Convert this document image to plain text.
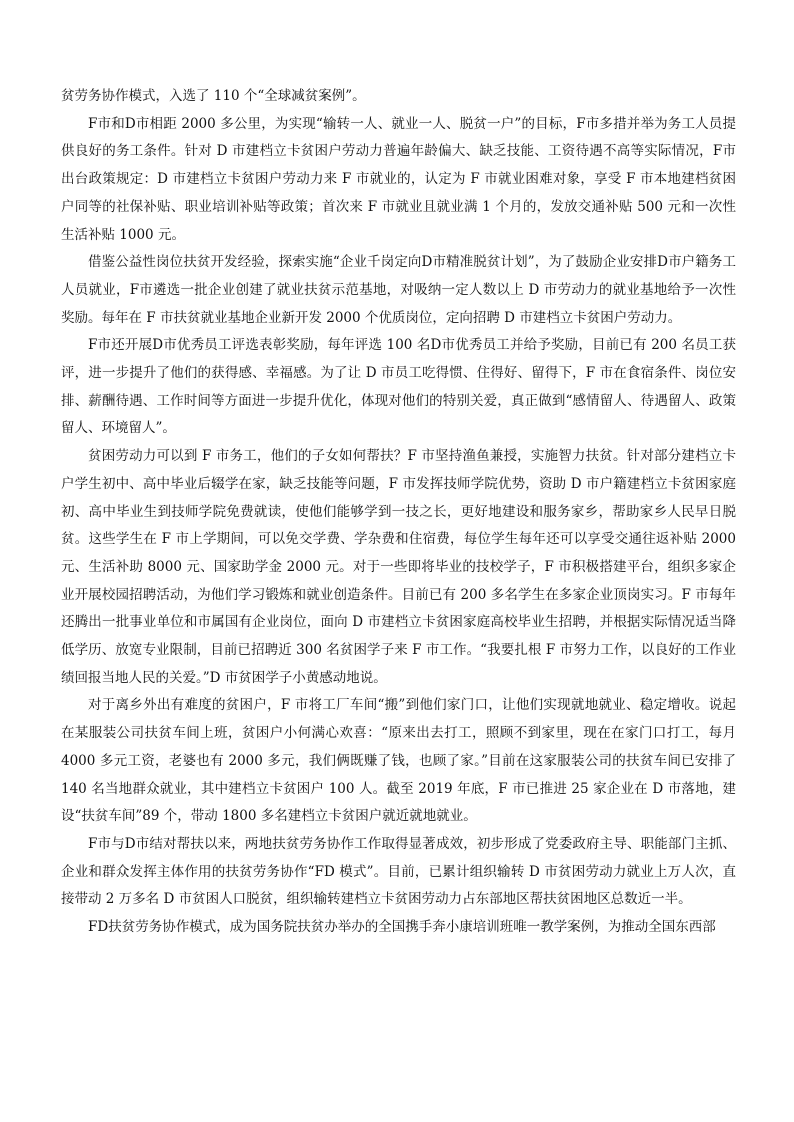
贫劳务协作模式，入选了 110 个“全球减贫案例”。

F市和D市相距 2000 多公里，为实现“输转一人、就业一人、脱贫一户”的目标，F市多措并举为务工人员提供良好的务工条件。针对 D 市建档立卡贫困户劳动力普遍年龄偏大、缺乏技能、工资待遇不高等实际情况，F市出台政策规定：D 市建档立卡贫困户劳动力来 F 市就业的，认定为 F 市就业困难对象，享受 F 市本地建档贫困户同等的社保补贴、职业培训补贴等政策；首次来 F 市就业且就业满 1 个月的，发放交通补贴 500 元和一次性生活补贴 1000 元。

借鉴公益性岗位扶贫开发经验，探索实施“企业千岗定向D市精准脱贫计划”，为了鼓励企业安排D市户籍务工人员就业，F市遴选一批企业创建了就业扶贫示范基地，对吸纳一定人数以上 D 市劳动力的就业基地给予一次性奖励。每年在 F 市扶贫就业基地企业新开发 2000 个优质岗位，定向招聘 D 市建档立卡贫困户劳动力。

F市还开展D市优秀员工评选表彰奖励，每年评选 100 名D市优秀员工并给予奖励，目前已有 200 名员工获评，进一步提升了他们的获得感、幸福感。为了让 D 市员工吃得惯、住得好、留得下，F 市在食宿条件、岗位安排、薪酬待遇、工作时间等方面进一步提升优化，体现对他们的特别关爱，真正做到“感情留人、待遇留人、政策留人、环境留人”。

贫困劳动力可以到 F 市务工，他们的子女如何帮扶？F 市坚持渔鱼兼授，实施智力扶贫。针对部分建档立卡户学生初中、高中毕业后辍学在家，缺乏技能等问题，F 市发挥技师学院优势，资助 D 市户籍建档立卡贫困家庭初、高中毕业生到技师学院免费就读，使他们能够学到一技之长，更好地建设和服务家乡，帮助家乡人民早日脱贫。这些学生在 F 市上学期间，可以免交学费、学杂费和住宿费，每位学生每年还可以享受交通往返补贴 2000 元、生活补助 8000 元、国家助学金 2000 元。对于一些即将毕业的技校学子，F 市积极搭建平台，组织多家企业开展校园招聘活动，为他们学习锻炼和就业创造条件。目前已有 200 多名学生在多家企业顶岗实习。F 市每年还腾出一批事业单位和市属国有企业岗位，面向 D 市建档立卡贫困家庭高校毕业生招聘，并根据实际情况适当降低学历、放宽专业限制，目前已招聘近 300 名贫困学子来 F 市工作。“我要扎根 F 市努力工作，以良好的工作业绩回报当地人民的关爱。”D 市贫困学子小黄感动地说。

对于离乡外出有难度的贫困户，F 市将工厂车间“搬”到他们家门口，让他们实现就地就业、稳定增收。说起在某服装公司扶贫车间上班，贫困户小何满心欢喜：“原来出去打工，照顾不到家里，现在在家门口打工，每月 4000 多元工资，老婆也有 2000 多元，我们俩既赚了钱，也顾了家。”目前在这家服装公司的扶贫车间已安排了 140 名当地群众就业，其中建档立卡贫困户 100 人。截至 2019 年底，F 市已推进 25 家企业在 D 市落地，建设“扶贫车间”89 个，带动 1800 多名建档立卡贫困户就近就地就业。

F市与D市结对帮扶以来，两地扶贫劳务协作工作取得显著成效，初步形成了党委政府主导、职能部门主抓、企业和群众发挥主体作用的扶贫劳务协作“FD 模式”。目前，已累计组织输转 D 市贫困劳动力就业上万人次，直接带动 2 万多名 D 市贫困人口脱贫，组织输转建档立卡贫困劳动力占东部地区帮扶贫困地区总数近一半。

FD扶贫劳务协作模式，成为国务院扶贫办举办的全国携手奔小康培训班唯一教学案例，为推动全国东西部
